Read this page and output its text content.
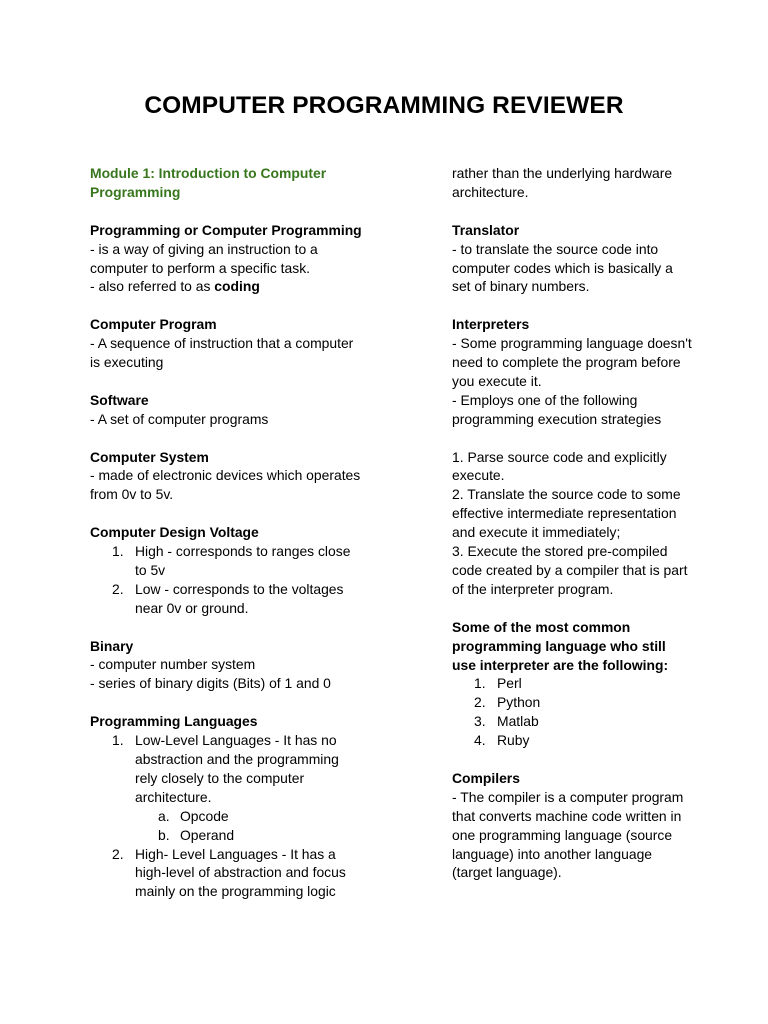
COMPUTER PROGRAMMING REVIEWER

Module 1: Introduction to Computer Programming

Programming or Computer Programming

- is a way of giving an instruction to a computer to perform a specific task.

- also referred to as coding

Computer Program

- A sequence of instruction that a computer is executing

Software

- A set of computer programs

Computer System

- made of electronic devices which operates from 0v to 5v.

Computer Design Voltage

1. High - corresponds to ranges close to 5v
2. Low - corresponds to the voltages near 0v or ground.

Binary

- computer number system

- series of binary digits (Bits) of 1 and 0

Programming Languages

1. Low-Level Languages - It has no abstraction and the programming rely closely to the computer architecture.
a. Opcode
b. Operand
2. High- Level Languages - It has a high-level of abstraction and focus mainly on the programming logic

rather than the underlying hardware architecture.

Translator

- to translate the source code into computer codes which is basically a set of binary numbers.

Interpreters

- Some programming language doesn't need to complete the program before you execute it.

- Employs one of the following programming execution strategies

1. Parse source code and explicitly execute.

2. Translate the source code to some effective intermediate representation and execute it immediately;

3. Execute the stored pre-compiled code created by a compiler that is part of the interpreter program.

Some of the most common programming language who still use interpreter are the following:

1. Perl
2. Python
3. Matlab
4. Ruby

Compilers

- The compiler is a computer program that converts machine code written in one programming language (source language) into another language (target language).
